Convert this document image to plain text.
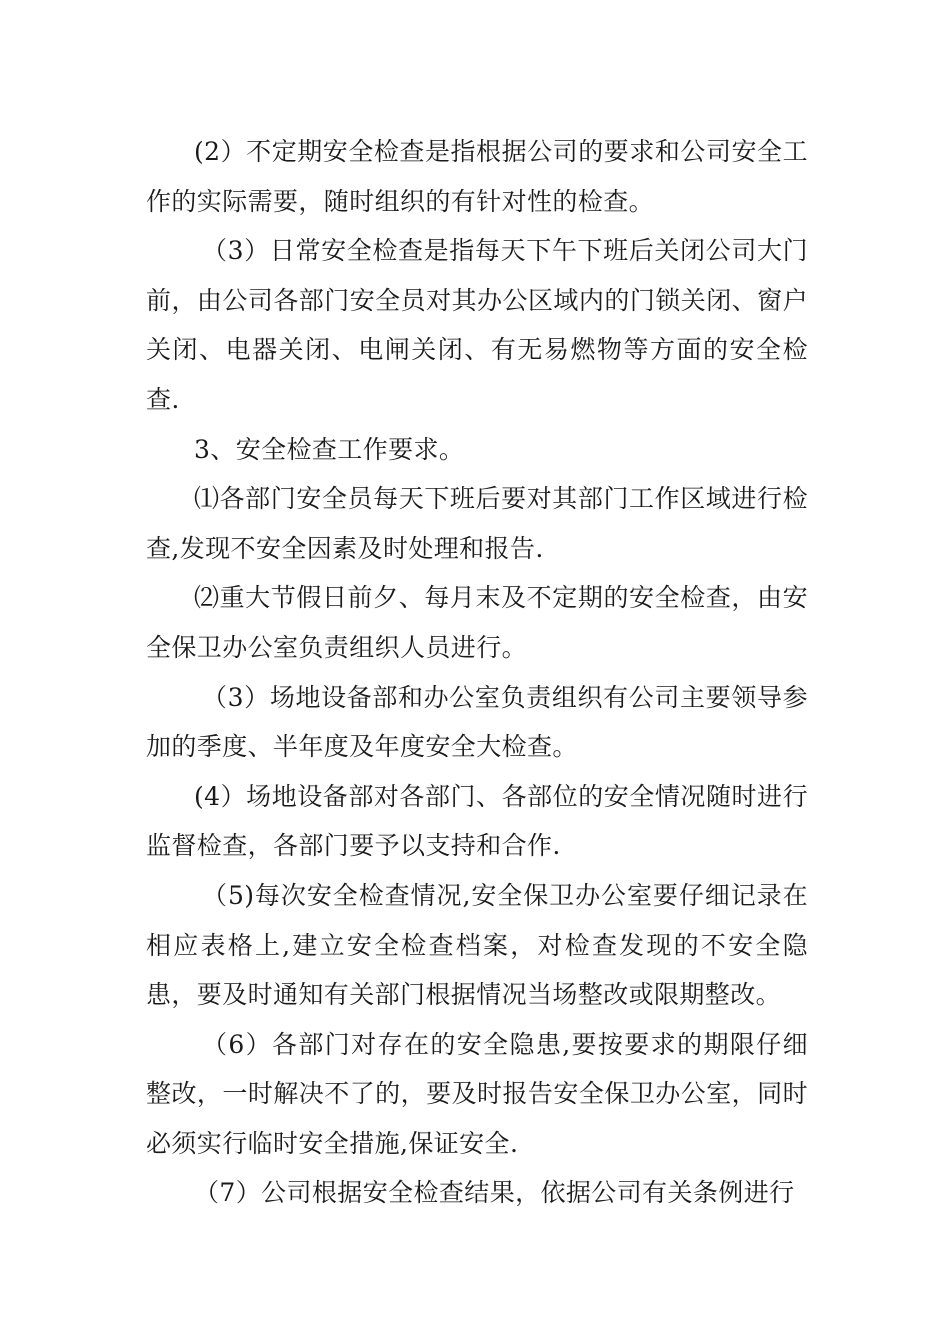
(2）不定期安全检查是指根据公司的要求和公司安全工作的实际需要，随时组织的有针对性的检查。

（3）日常安全检查是指每天下午下班后关闭公司大门前，由公司各部门安全员对其办公区域内的门锁关闭、窗户关闭、电器关闭、电闸关闭、有无易燃物等方面的安全检查.

3、安全检查工作要求。

⑴各部门安全员每天下班后要对其部门工作区域进行检查,发现不安全因素及时处理和报告.

⑵重大节假日前夕、每月末及不定期的安全检查，由安全保卫办公室负责组织人员进行。

（3）场地设备部和办公室负责组织有公司主要领导参加的季度、半年度及年度安全大检查。

(4）场地设备部对各部门、各部位的安全情况随时进行监督检查，各部门要予以支持和合作.

（5)每次安全检查情况,安全保卫办公室要仔细记录在相应表格上,建立安全检查档案，对检查发现的不安全隐患，要及时通知有关部门根据情况当场整改或限期整改。

（6）各部门对存在的安全隐患,要按要求的期限仔细整改，一时解决不了的，要及时报告安全保卫办公室，同时必须实行临时安全措施,保证安全.

（7）公司根据安全检查结果，依据公司有关条例进行
